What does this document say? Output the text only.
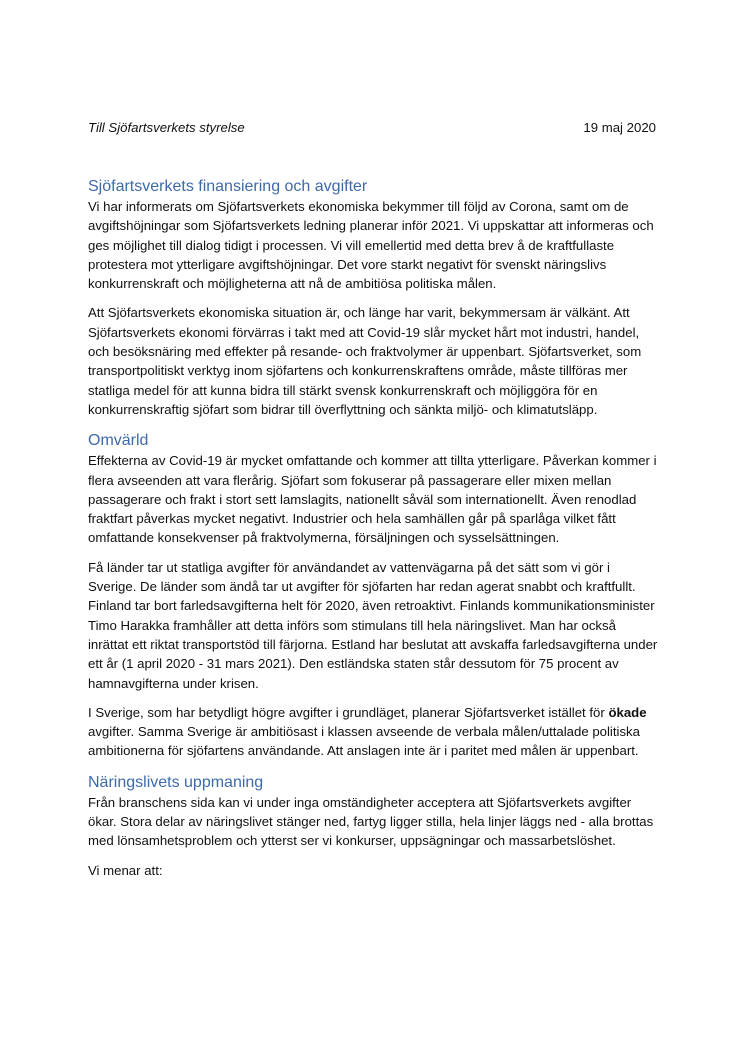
Till Sjöfartsverkets styrelse	19 maj 2020
Sjöfartsverkets finansiering och avgifter

Vi har informerats om Sjöfartsverkets ekonomiska bekymmer till följd av Corona, samt om de avgiftshöjningar som Sjöfartsverkets ledning planerar inför 2021. Vi uppskattar att informeras och ges möjlighet till dialog tidigt i processen. Vi vill emellertid med detta brev å de kraftfullaste protestera mot ytterligare avgiftshöjningar. Det vore starkt negativt för svenskt näringslivs konkurrenskraft och möjligheterna att nå de ambitiösa politiska målen.

Att Sjöfartsverkets ekonomiska situation är, och länge har varit, bekymmersam är välkänt. Att Sjöfartsverkets ekonomi förvärras i takt med att Covid-19 slår mycket hårt mot industri, handel, och besöksnäring med effekter på resande- och fraktvolymer är uppenbart. Sjöfartsverket, som transportpolitiskt verktyg inom sjöfartens och konkurrenskraftens område, måste tillföras mer statliga medel för att kunna bidra till stärkt svensk konkurrenskraft och möjliggöra för en konkurrenskraftig sjöfart som bidrar till överflyttning och sänkta miljö- och klimatutsläpp.

Omvärld

Effekterna av Covid-19 är mycket omfattande och kommer att tillta ytterligare. Påverkan kommer i flera avseenden att vara flerårig. Sjöfart som fokuserar på passagerare eller mixen mellan passagerare och frakt i stort sett lamslagits, nationellt såväl som internationellt. Även renodlad fraktfart påverkas mycket negativt. Industrier och hela samhällen går på sparlåga vilket fått omfattande konsekvenser på fraktvolymerna, försäljningen och sysselsättningen.

Få länder tar ut statliga avgifter för användandet av vattenvägarna på det sätt som vi gör i Sverige. De länder som ändå tar ut avgifter för sjöfarten har redan agerat snabbt och kraftfullt. Finland tar bort farledsavgifterna helt för 2020, även retroaktivt. Finlands kommunikationsminister Timo Harakka framhåller att detta införs som stimulans till hela näringslivet. Man har också inrättat ett riktat transportstöd till färjorna. Estland har beslutat att avskaffa farledsavgifterna under ett år (1 april 2020 - 31 mars 2021). Den estländska staten står dessutom för 75 procent av hamnavgifterna under krisen.

I Sverige, som har betydligt högre avgifter i grundläget, planerar Sjöfartsverket istället för ökade avgifter. Samma Sverige är ambitiösast i klassen avseende de verbala målen/uttalade politiska ambitionerna för sjöfartens användande. Att anslagen inte är i paritet med målen är uppenbart.

Näringslivets uppmaning

Från branschens sida kan vi under inga omständigheter acceptera att Sjöfartsverkets avgifter ökar. Stora delar av näringslivet stänger ned, fartyg ligger stilla, hela linjer läggs ned - alla brottas med lönsamhetsproblem och ytterst ser vi konkurser, uppsägningar och massarbetslöshet.

Vi menar att:
